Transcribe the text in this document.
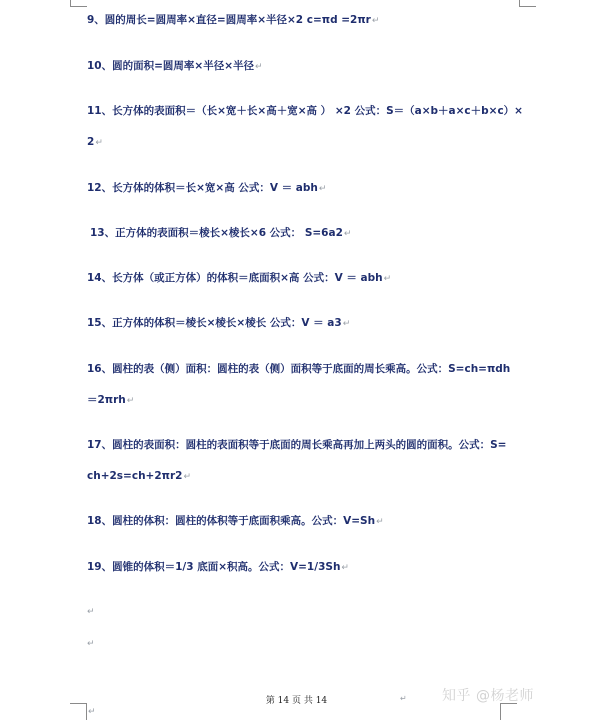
9、圆的周长=圆周率×直径=圆周率×半径×2 c=πd =2πr↵
10、圆的面积=圆周率×半径×半径↵
11、长方体的表面积＝（长×宽＋长×高＋宽×高 ） ×2 公式：S＝（a×b＋a×c＋b×c）×
2↵
12、长方体的体积＝长×宽×高 公式：V ＝ abh↵
13、正方体的表面积＝棱长×棱长×6 公式： S=6a2↵
14、长方体（或正方体）的体积＝底面积×高 公式：V ＝ abh↵
15、正方体的体积＝棱长×棱长×棱长 公式：V ＝ a3↵
16、圆柱的表（侧）面积：圆柱的表（侧）面积等于底面的周长乘高。公式：S=ch=πdh
＝2πrh↵
17、圆柱的表面积：圆柱的表面积等于底面的周长乘高再加上两头的圆的面积。公式：S=
ch+2s=ch+2πr2↵
18、圆柱的体积：圆柱的体积等于底面积乘高。公式：V=Sh↵
19、圆锥的体积＝1/3 底面×积高。公式：V=1/3Sh↵
↵
↵
第 14 页 共 14	↵
↵
知乎 @杨老师
